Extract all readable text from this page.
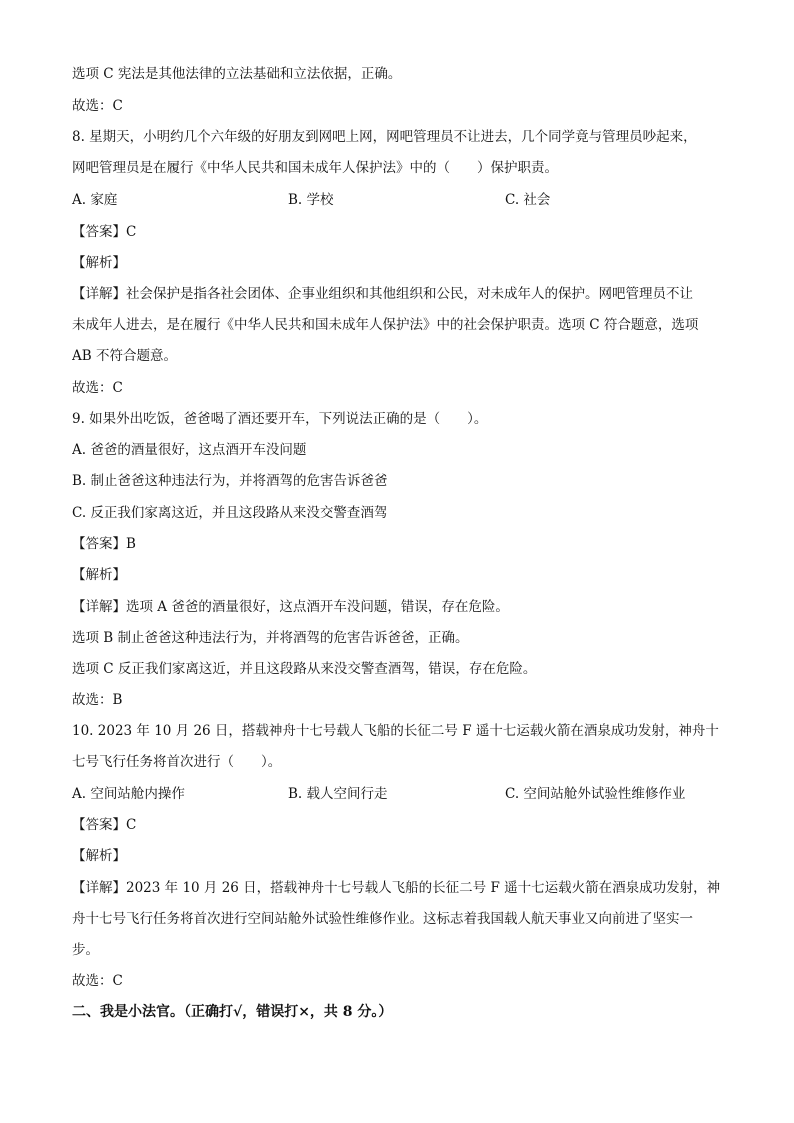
选项 C 宪法是其他法律的立法基础和立法依据，正确。
故选：C
8. 星期天，小明约几个六年级的好朋友到网吧上网，网吧管理员不让进去，几个同学竟与管理员吵起来，
网吧管理员是在履行《中华人民共和国未成年人保护法》中的（　　）保护职责。
A. 家庭	B. 学校	C. 社会
【答案】C
【解析】
【详解】社会保护是指各社会团体、企事业组织和其他组织和公民，对未成年人的保护。网吧管理员不让
未成年人进去，是在履行《中华人民共和国未成年人保护法》中的社会保护职责。选项 C 符合题意，选项
AB 不符合题意。
故选：C
9. 如果外出吃饭，爸爸喝了酒还要开车，下列说法正确的是（　　）。
A. 爸爸的酒量很好，这点酒开车没问题
B. 制止爸爸这种违法行为，并将酒驾的危害告诉爸爸
C. 反正我们家离这近，并且这段路从来没交警查酒驾
【答案】B
【解析】
【详解】选项 A 爸爸的酒量很好，这点酒开车没问题，错误，存在危险。
选项 B 制止爸爸这种违法行为，并将酒驾的危害告诉爸爸，正确。
选项 C 反正我们家离这近，并且这段路从来没交警查酒驾，错误，存在危险。
故选：B
10. 2023 年 10 月 26 日，搭载神舟十七号载人飞船的长征二号 F 遥十七运载火箭在酒泉成功发射，神舟十
七号飞行任务将首次进行（　　）。
A. 空间站舱内操作	B. 载人空间行走	C. 空间站舱外试验性维修作业
【答案】C
【解析】
【详解】2023 年 10 月 26 日，搭载神舟十七号载人飞船的长征二号 F 遥十七运载火箭在酒泉成功发射，神
舟十七号飞行任务将首次进行空间站舱外试验性维修作业。这标志着我国载人航天事业又向前进了坚实一
步。
故选：C
二、我是小法官。（正确打√，错误打×，共 8 分。）
